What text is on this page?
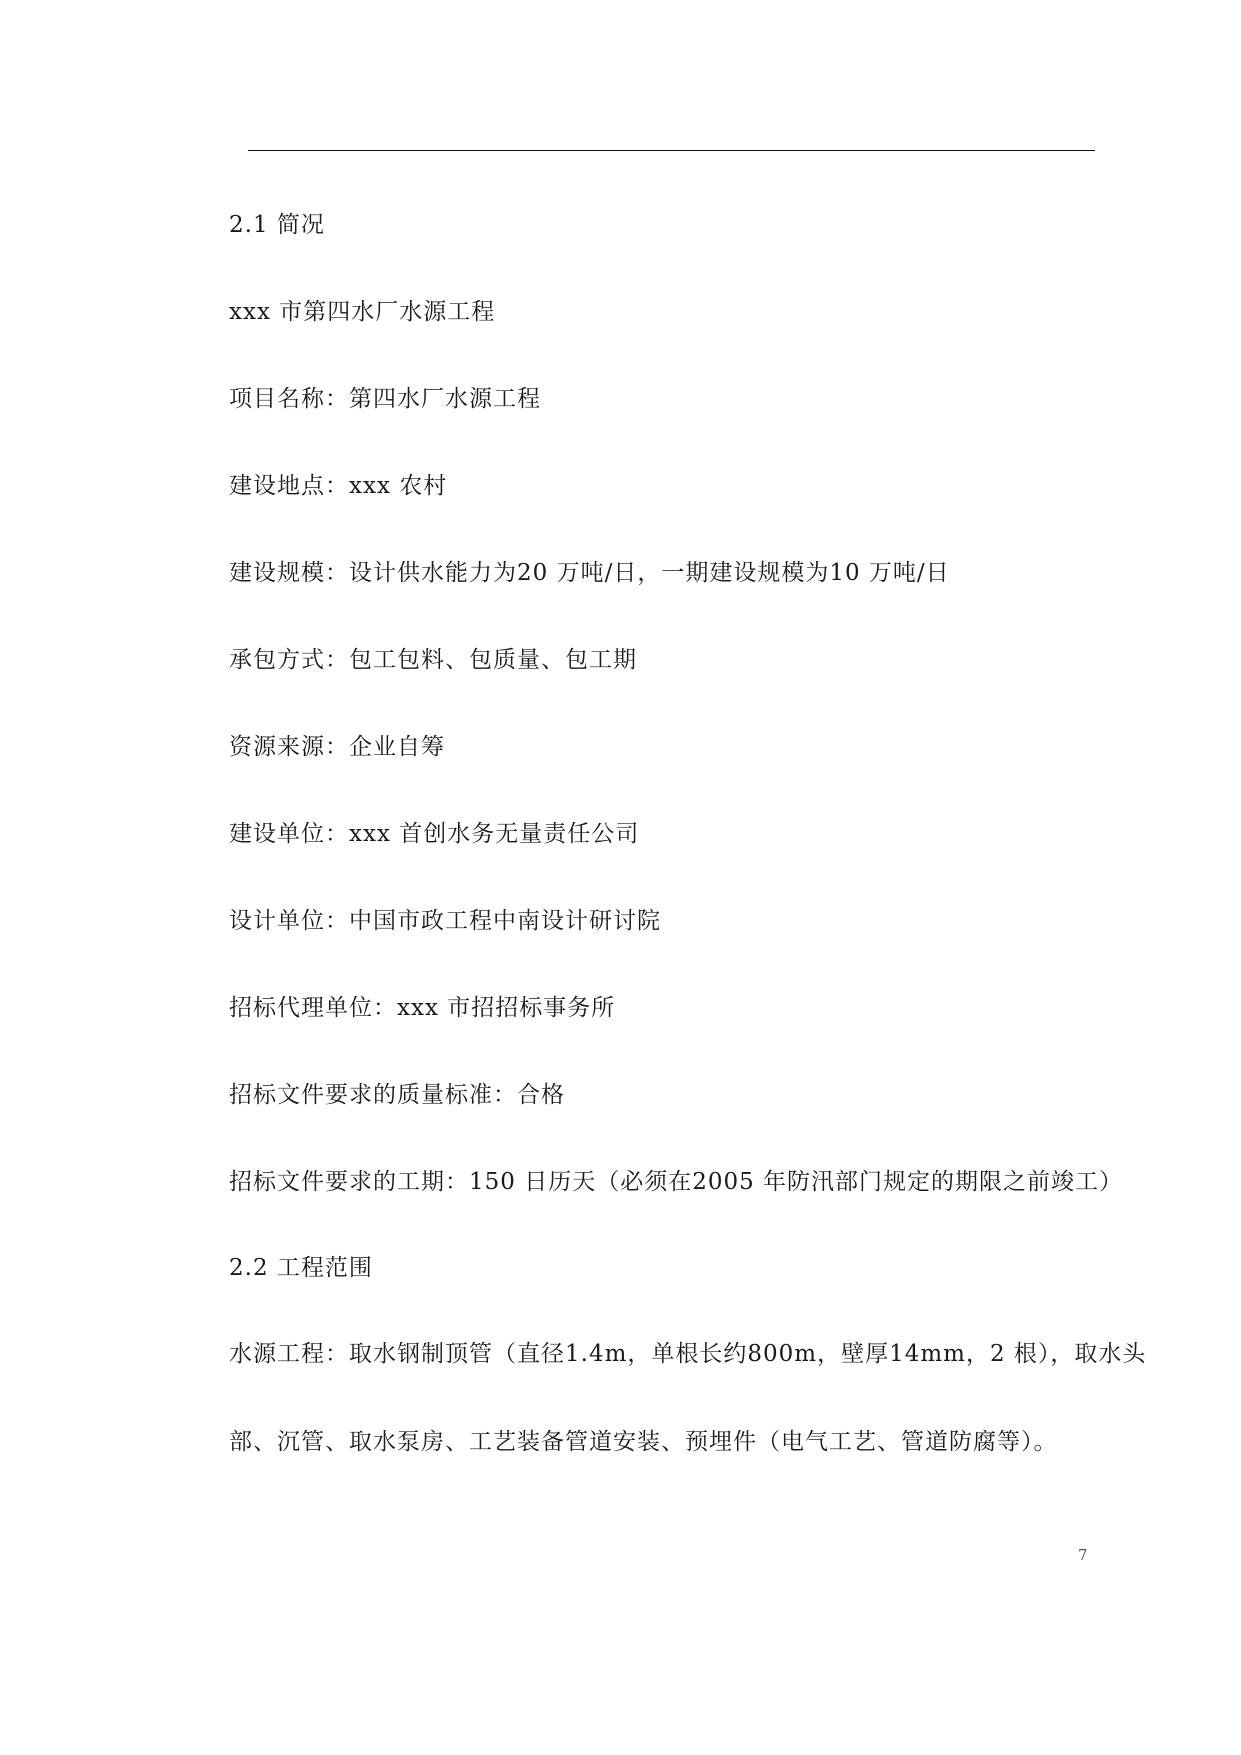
2.1 简况
xxx 市第四水厂水源工程
项目名称：第四水厂水源工程
建设地点：xxx 农村
建设规模：设计供水能力为20 万吨/日，一期建设规模为10 万吨/日
承包方式：包工包料、包质量、包工期
资源来源：企业自筹
建设单位：xxx 首创水务无量责任公司
设计单位：中国市政工程中南设计研讨院
招标代理单位：xxx 市招招标事务所
招标文件要求的质量标准：合格
招标文件要求的工期：150 日历天（必须在2005 年防汛部门规定的期限之前竣工）
2.2 工程范围
水源工程：取水钢制顶管（直径1.4m，单根长约800m，壁厚14mm，2 根），取水头
部、沉管、取水泵房、工艺装备管道安装、预埋件（电气工艺、管道防腐等）。
7
